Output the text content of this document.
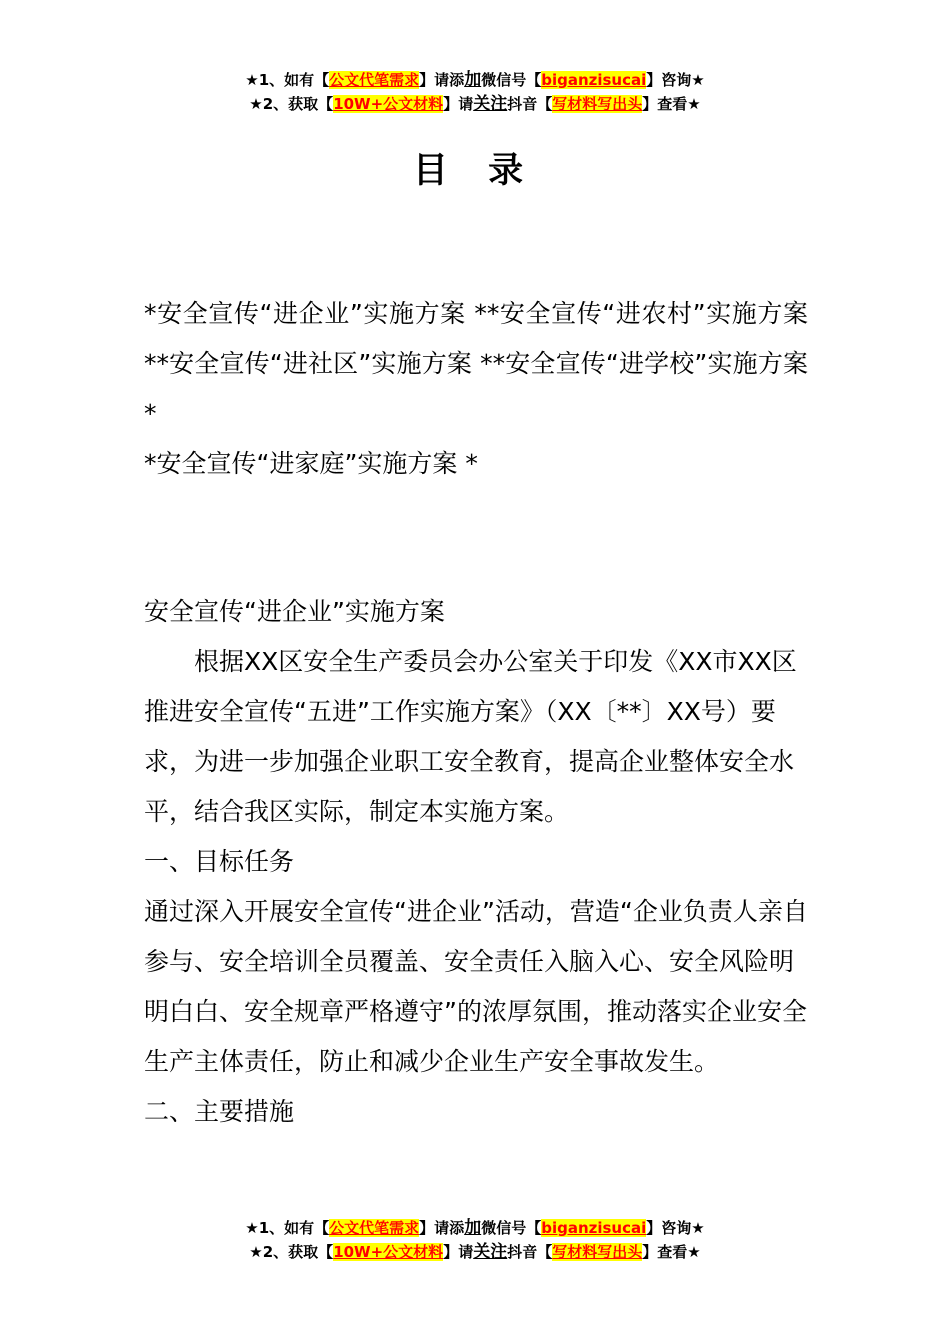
★1、如有【公文代笔需求】请添加微信号【biganzisucai】咨询★
★2、获取【10W+公文材料】请关注抖音【写材料写出头】查看★
目 录

*安全宣传“进企业”实施方案 **安全宣传“进农村”实施方案 **安全宣传“进社区”实施方案 **安全宣传“进学校”实施方案 *

*安全宣传“进家庭”实施方案 *

安全宣传“进企业”实施方案

根据XX区安全生产委员会办公室关于印发《XX市XX区推进安全宣传“五进”工作实施方案》（XX〔**〕XX号）要求，为进一步加强企业职工安全教育，提高企业整体安全水平，结合我区实际，制定本实施方案。

一、目标任务

通过深入开展安全宣传“进企业”活动，营造“企业负责人亲自参与、安全培训全员覆盖、安全责任入脑入心、安全风险明明白白、安全规章严格遵守”的浓厚氛围，推动落实企业安全生产主体责任，防止和减少企业生产安全事故发生。

二、主要措施

★1、如有【公文代笔需求】请添加微信号【biganzisucai】咨询★
★2、获取【10W+公文材料】请关注抖音【写材料写出头】查看★
